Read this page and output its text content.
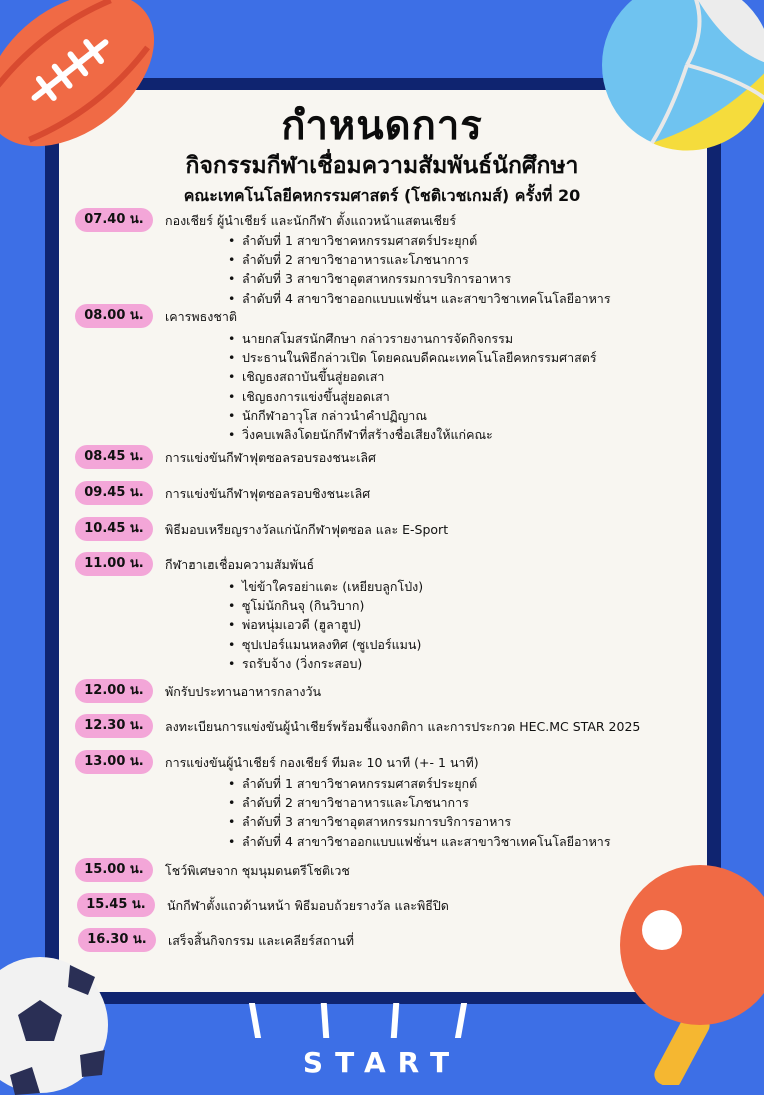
START
กำหนดการ
กิจกรรมกีฬาเชื่อมความสัมพันธ์นักศึกษา
คณะเทคโนโลยีคหกรรมศาสตร์ (โชติเวชเกมส์) ครั้งที่ 20
07.40 น.	กองเชียร์ ผู้นำเชียร์ และนักกีฬา ตั้งแถวหน้าแสตนเชียร์
• ลำดับที่ 1 สาขาวิชาคหกรรมศาสตร์ประยุกต์
• ลำดับที่ 2 สาขาวิชาอาหารและโภชนาการ
• ลำดับที่ 3 สาขาวิชาอุตสาหกรรมการบริการอาหาร
• ลำดับที่ 4 สาขาวิชาออกแบบแฟชั่นฯ และสาขาวิชาเทคโนโลยีอาหาร
08.00 น.	เคารพธงชาติ
• นายกสโมสรนักศึกษา กล่าวรายงานการจัดกิจกรรม
• ประธานในพิธีกล่าวเปิด โดยคณบดีคณะเทคโนโลยีคหกรรมศาสตร์
• เชิญธงสถาบันขึ้นสู่ยอดเสา
• เชิญธงการแข่งขึ้นสู่ยอดเสา
• นักกีฬาอาวุโส กล่าวนำคำปฏิญาณ
• วิ่งคบเพลิงโดยนักกีฬาที่สร้างชื่อเสียงให้แก่คณะ
08.45 น.	การแข่งขันกีฬาฟุตซอลรอบรองชนะเลิศ
09.45 น.	การแข่งขันกีฬาฟุตซอลรอบชิงชนะเลิศ
10.45 น.	พิธีมอบเหรียญรางวัลแก่นักกีฬาฟุตซอล และ E-Sport
11.00 น.	กีฬาฮาเฮเชื่อมความสัมพันธ์
• ไข่ข้าใครอย่าแตะ (เหยียบลูกโป่ง)
• ซูโม่นักกินจุ (กินวิบาก)
• พ่อหนุ่มเอวดี (ฮูลาฮูป)
• ซุปเปอร์แมนหลงทิศ (ซูเปอร์แมน)
• รถรับจ้าง (วิ่งกระสอบ)
12.00 น.	พักรับประทานอาหารกลางวัน
12.30 น.	ลงทะเบียนการแข่งขันผู้นำเชียร์พร้อมชี้แจงกติกา และการประกวด HEC.MC STAR 2025
13.00 น.	การแข่งขันผู้นำเชียร์ กองเชียร์ ทีมละ 10 นาที (+- 1 นาที)
• ลำดับที่ 1 สาขาวิชาคหกรรมศาสตร์ประยุกต์
• ลำดับที่ 2 สาขาวิชาอาหารและโภชนาการ
• ลำดับที่ 3 สาขาวิชาอุตสาหกรรมการบริการอาหาร
• ลำดับที่ 4 สาขาวิชาออกแบบแฟชั่นฯ และสาขาวิชาเทคโนโลยีอาหาร
15.00 น.	โชว์พิเศษจาก ชุมนุมดนตรีโชติเวช
15.45 น.	นักกีฬาตั้งแถวด้านหน้า พิธีมอบถ้วยรางวัล และพิธีปิด
16.30 น.	เสร็จสิ้นกิจกรรม และเคลียร์สถานที่
